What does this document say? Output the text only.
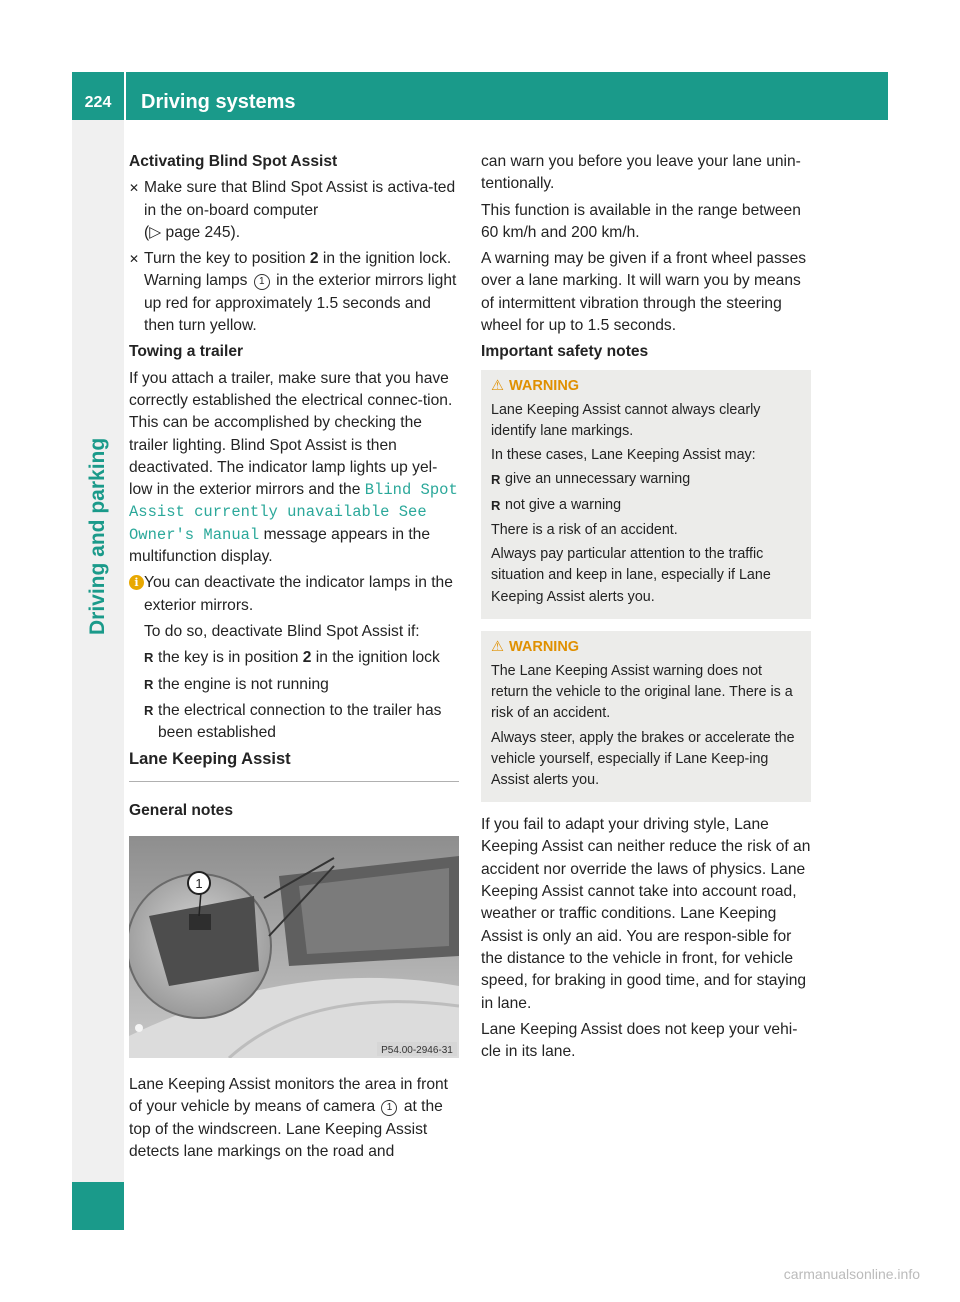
224	Driving systems
Driving and parking

Activating Blind Spot Assist

✕ Make sure that Blind Spot Assist is activa-ted in the on-board computer
(▷ page 245).
✕ Turn the key to position 2 in the ignition lock.
Warning lamps 1 in the exterior mirrors light up red for approximately 1.5 seconds and then turn yellow.

Towing a trailer

If you attach a trailer, make sure that you have correctly established the electrical connec-tion. This can be accomplished by checking the trailer lighting. Blind Spot Assist is then deactivated. The indicator lamp lights up yel-low in the exterior mirrors and the Blind Spot Assist currently unavailable See Owner's Manual message appears in the multifunction display.

i You can deactivate the indicator lamps in the exterior mirrors.

To do so, deactivate Blind Spot Assist if:

R the key is in position 2 in the ignition lock
R the engine is not running
R the electrical connection to the trailer has been established

Lane Keeping Assist

General notes

1
P54.00-2946-31

Lane Keeping Assist monitors the area in front of your vehicle by means of camera 1 at the top of the windscreen. Lane Keeping Assist detects lane markings on the road and

can warn you before you leave your lane unin-tentionally.

This function is available in the range between 60 km/h and 200 km/h.

A warning may be given if a front wheel passes over a lane marking. It will warn you by means of intermittent vibration through the steering wheel for up to 1.5 seconds.

Important safety notes

⚠ WARNING

Lane Keeping Assist cannot always clearly identify lane markings.

In these cases, Lane Keeping Assist may:

R give an unnecessary warning
R not give a warning

There is a risk of an accident.

Always pay particular attention to the traffic situation and keep in lane, especially if Lane Keeping Assist alerts you.

⚠ WARNING

The Lane Keeping Assist warning does not return the vehicle to the original lane. There is a risk of an accident.

Always steer, apply the brakes or accelerate the vehicle yourself, especially if Lane Keep-ing Assist alerts you.

If you fail to adapt your driving style, Lane Keeping Assist can neither reduce the risk of an accident nor override the laws of physics. Lane Keeping Assist cannot take into account road, weather or traffic conditions. Lane Keeping Assist is only an aid. You are respon-sible for the distance to the vehicle in front, for vehicle speed, for braking in good time, and for staying in lane.

Lane Keeping Assist does not keep your vehi-cle in its lane.

carmanualsonline.info
